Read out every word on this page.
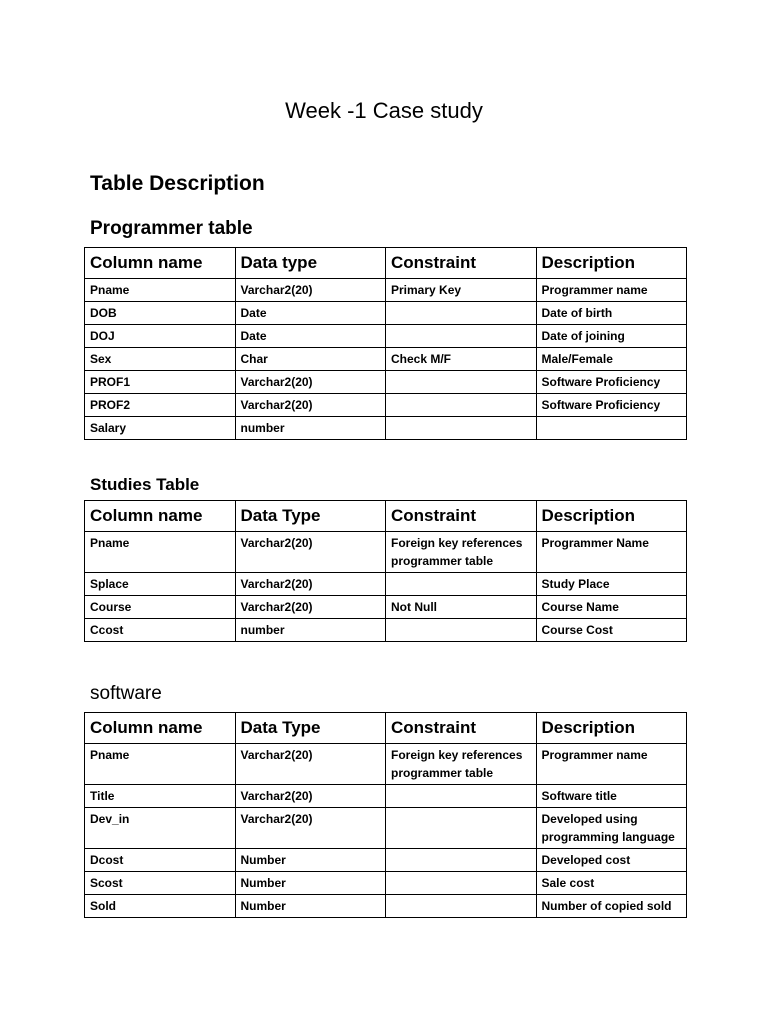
Week -1 Case study
Table Description
Programmer table
Column name	Data type	Constraint	Description
Pname	Varchar2(20)	Primary Key	Programmer name
DOB	Date		Date of birth
DOJ	Date		Date of joining
Sex	Char	Check M/F	Male/Female
PROF1	Varchar2(20)		Software Proficiency
PROF2	Varchar2(20)		Software Proficiency
Salary	number		
Studies Table
Column name	Data Type	Constraint	Description
Pname	Varchar2(20)	Foreign key references programmer table	Programmer Name
Splace	Varchar2(20)		Study Place
Course	Varchar2(20)	Not Null	Course Name
Ccost	number		Course Cost
software
Column name	Data Type	Constraint	Description
Pname	Varchar2(20)	Foreign key references programmer table	Programmer name
Title	Varchar2(20)		Software title
Dev_in	Varchar2(20)		Developed using programming language
Dcost	Number		Developed cost
Scost	Number		Sale cost
Sold	Number		Number of copied sold
